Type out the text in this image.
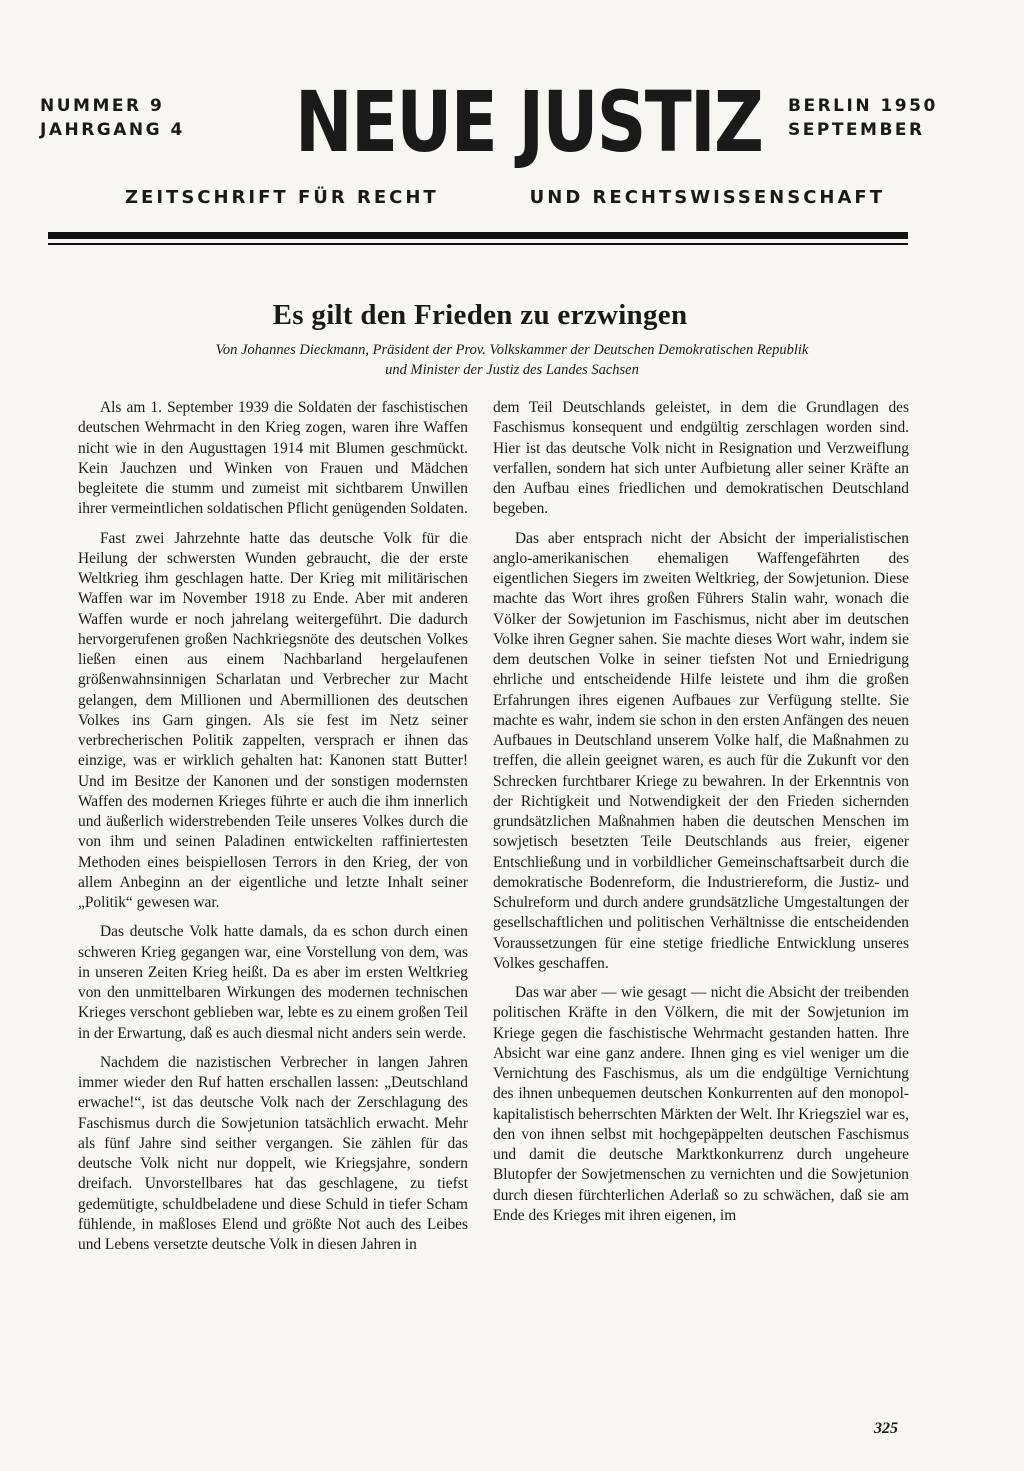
NUMMER 9
JAHRGANG 4 NEUE JUSTIZ BERLIN 1950
SEPTEMBER
ZEITSCHRIFT FÜR RECHT	UND RECHTSWISSENSCHAFT
Es gilt den Frieden zu erzwingen
Von Johannes Dieckmann, Präsident der Prov. Volkskammer der Deutschen Demokratischen Republik
und Minister der Justiz des Landes Sachsen

Als am 1. September 1939 die Soldaten der faschistischen deutschen Wehrmacht in den Krieg zogen, waren ihre Waffen nicht wie in den Augusttagen 1914 mit Blumen geschmückt. Kein Jauchzen und Winken von Frauen und Mädchen begleitete die stumm und zumeist mit sichtbarem Unwillen ihrer vermeintlichen soldatischen Pflicht genügenden Soldaten.

Fast zwei Jahrzehnte hatte das deutsche Volk für die Heilung der schwersten Wunden gebraucht, die der erste Weltkrieg ihm geschlagen hatte. Der Krieg mit militärischen Waffen war im November 1918 zu Ende. Aber mit anderen Waffen wurde er noch jahrelang weitergeführt. Die dadurch hervorgerufenen großen Nachkriegsnöte des deutschen Volkes ließen einen aus einem Nachbarland hergelaufenen größenwahnsinnigen Scharlatan und Verbrecher zur Macht gelangen, dem Millionen und Abermillionen des deutschen Volkes ins Garn gingen. Als sie fest im Netz seiner verbrecherischen Politik zappelten, versprach er ihnen das einzige, was er wirklich gehalten hat: Kanonen statt Butter! Und im Besitze der Kanonen und der sonstigen modernsten Waffen des modernen Krieges führte er auch die ihm innerlich und äußerlich widerstrebenden Teile unseres Volkes durch die von ihm und seinen Paladinen entwickelten raffiniertesten Methoden eines beispiellosen Terrors in den Krieg, der von allem Anbeginn an der eigentliche und letzte Inhalt seiner „Politik“ gewesen war.

Das deutsche Volk hatte damals, da es schon durch einen schweren Krieg gegangen war, eine Vorstellung von dem, was in unseren Zeiten Krieg heißt. Da es aber im ersten Weltkrieg von den unmittelbaren Wirkungen des modernen technischen Krieges verschont geblieben war, lebte es zu einem großen Teil in der Erwartung, daß es auch diesmal nicht anders sein werde.

Nachdem die nazistischen Verbrecher in langen Jahren immer wieder den Ruf hatten erschallen lassen: „Deutschland erwache!“, ist das deutsche Volk nach der Zerschlagung des Faschismus durch die Sowjetunion tatsächlich erwacht. Mehr als fünf Jahre sind seither vergangen. Sie zählen für das deutsche Volk nicht nur doppelt, wie Kriegsjahre, sondern dreifach. Unvorstellbares hat das geschlagene, zu tiefst gedemütigte, schuldbeladene und diese Schuld in tiefer Scham fühlende, in maßloses Elend und größte Not auch des Leibes und Lebens versetzte deutsche Volk in diesen Jahren in

dem Teil Deutschlands geleistet, in dem die Grundlagen des Faschismus konsequent und endgültig zerschlagen worden sind. Hier ist das deutsche Volk nicht in Resignation und Verzweiflung verfallen, sondern hat sich unter Aufbietung aller seiner Kräfte an den Aufbau eines friedlichen und demokratischen Deutschland begeben.

Das aber entsprach nicht der Absicht der imperialistischen anglo-amerikanischen ehemaligen Waffengefährten des eigentlichen Siegers im zweiten Weltkrieg, der Sowjetunion. Diese machte das Wort ihres großen Führers Stalin wahr, wonach die Völker der Sowjetunion im Faschismus, nicht aber im deutschen Volke ihren Gegner sahen. Sie machte dieses Wort wahr, indem sie dem deutschen Volke in seiner tiefsten Not und Erniedrigung ehrliche und entscheidende Hilfe leistete und ihm die großen Erfahrungen ihres eigenen Aufbaues zur Verfügung stellte. Sie machte es wahr, indem sie schon in den ersten Anfängen des neuen Aufbaues in Deutschland unserem Volke half, die Maßnahmen zu treffen, die allein geeignet waren, es auch für die Zukunft vor den Schrecken furchtbarer Kriege zu bewahren. In der Erkenntnis von der Richtigkeit und Notwendigkeit der den Frieden sichernden grundsätzlichen Maßnahmen haben die deutschen Menschen im sowjetisch besetzten Teile Deutschlands aus freier, eigener Entschließung und in vorbildlicher Gemeinschaftsarbeit durch die demokratische Bodenreform, die Industriereform, die Justiz- und Schulreform und durch andere grundsätzliche Umgestaltungen der gesellschaftlichen und politischen Verhältnisse die entscheidenden Voraussetzungen für eine stetige friedliche Entwicklung unseres Volkes geschaffen.

Das war aber — wie gesagt — nicht die Absicht der treibenden politischen Kräfte in den Völkern, die mit der Sowjetunion im Kriege gegen die faschistische Wehrmacht gestanden hatten. Ihre Absicht war eine ganz andere. Ihnen ging es viel weniger um die Vernichtung des Faschismus, als um die endgültige Vernichtung des ihnen unbequemen deutschen Konkurrenten auf den monopol-kapitalistisch beherrschten Märkten der Welt. Ihr Kriegsziel war es, den von ihnen selbst mit hochgepäppelten deutschen Faschismus und damit die deutsche Marktkonkurrenz durch ungeheure Blutopfer der Sowjetmenschen zu vernichten und die Sowjetunion durch diesen fürchterlichen Aderlaß so zu schwächen, daß sie am Ende des Krieges mit ihren eigenen, im

325
